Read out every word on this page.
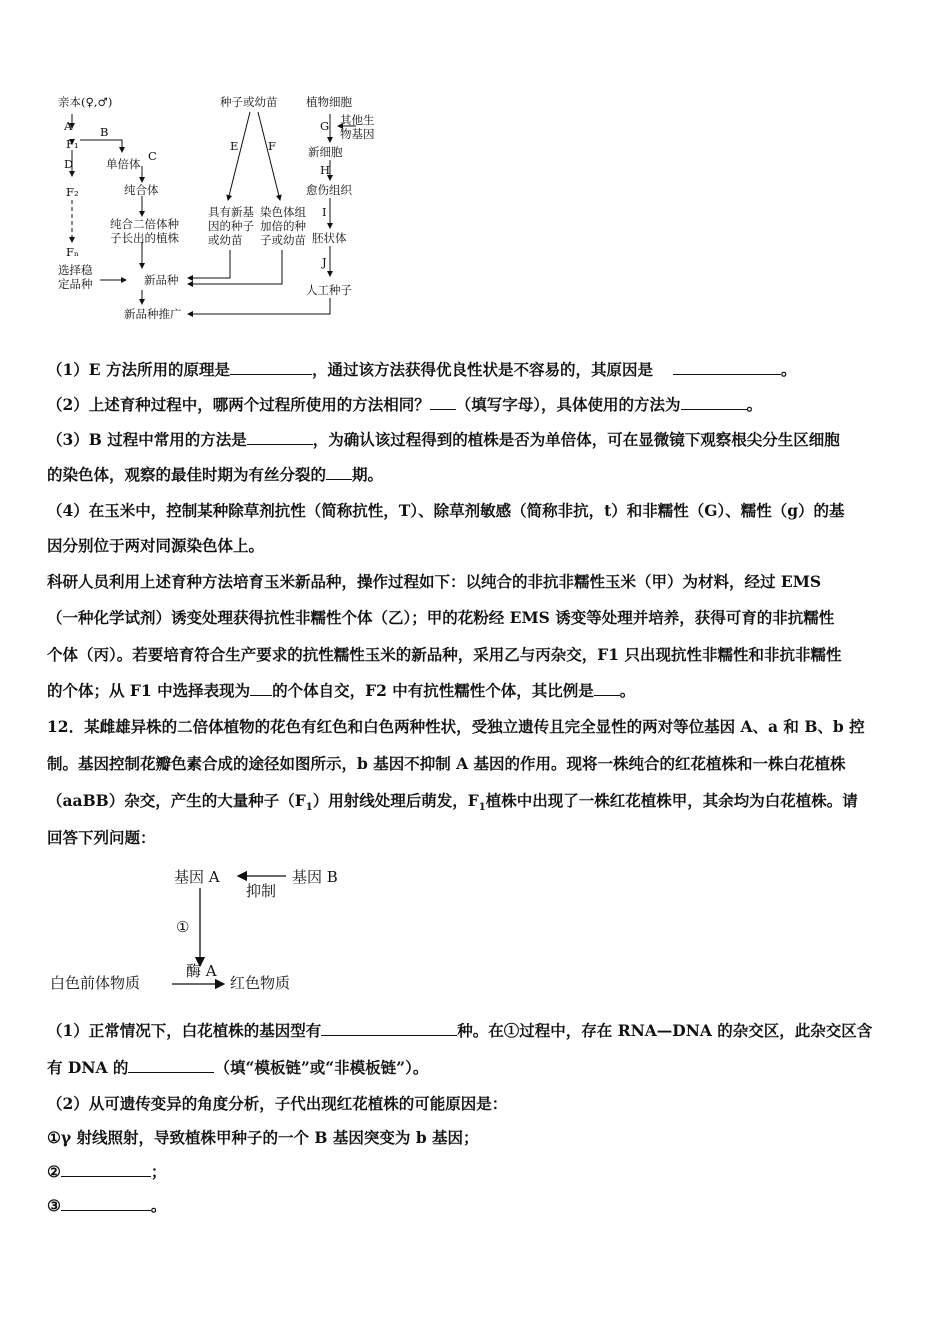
亲本(♀,♂)
A
F₁
B
单倍体
C
纯合体
纯合二倍体种
子长出的植株
D
F₂
Fₙ
选择稳
定品种	新品种
新品种推广
种子或幼苗
E	F
具有新基
因的种子
或幼苗
染色体组
加倍的种
子或幼苗
植物细胞
G 其他生
物基因
新细胞
H
愈伤组织
I
胚状体
J
人工种子
（1）E 方法所用的原理是	，通过该方法获得优良性状是不容易的，其原因是	。
（2）上述育种过程中，哪两个过程所使用的方法相同？ （填写字母），具体使用的方法为	。
（3）B 过程中常用的方法是	，为确认该过程得到的植株是否为单倍体，可在显微镜下观察根尖分生区细胞
的染色体，观察的最佳时期为有丝分裂的 期。
（4）在玉米中，控制某种除草剂抗性（简称抗性，T）、除草剂敏感（简称非抗，t）和非糯性（G）、糯性（g）的基
因分别位于两对同源染色体上。
科研人员利用上述育种方法培育玉米新品种，操作过程如下：以纯合的非抗非糯性玉米（甲）为材料，经过 EMS
（一种化学试剂）诱变处理获得抗性非糯性个体（乙）；甲的花粉经 EMS 诱变等处理并培养，获得可育的非抗糯性
个体（丙）。若要培育符合生产要求的抗性糯性玉米的新品种，采用乙与丙杂交，F1 只出现抗性非糯性和非抗非糯性
的个体；从 F1 中选择表现为 的个体自交，F2 中有抗性糯性个体，其比例是 。
12．某雌雄异株的二倍体植物的花色有红色和白色两种性状，受独立遗传且完全显性的两对等位基因 A、a 和 B、b 控
制。基因控制花瓣色素合成的途径如图所示，b 基因不抑制 A 基因的作用。现将一株纯合的红花植株和一株白花植株
（aaBB）杂交，产生的大量种子$(F_1)$用射线处理后萌发，$F_1$植株中出现了一株红花植株甲，其余均为白花植株。请
回答下列问题：
基因 A	基因 B
抑制
①
酶 A
白色前体物质	红色物质
（1）正常情况下，白花植株的基因型有	种。在①过程中，存在 RNA—DNA 的杂交区，此杂交区含
有 DNA 的	（填“模板链”或“非模板链”）。
（2）从可遗传变异的角度分析，子代出现红花植株的可能原因是：
①γ 射线照射，导致植株甲种子的一个 B 基因突变为 b 基因；
②	；
③	。
